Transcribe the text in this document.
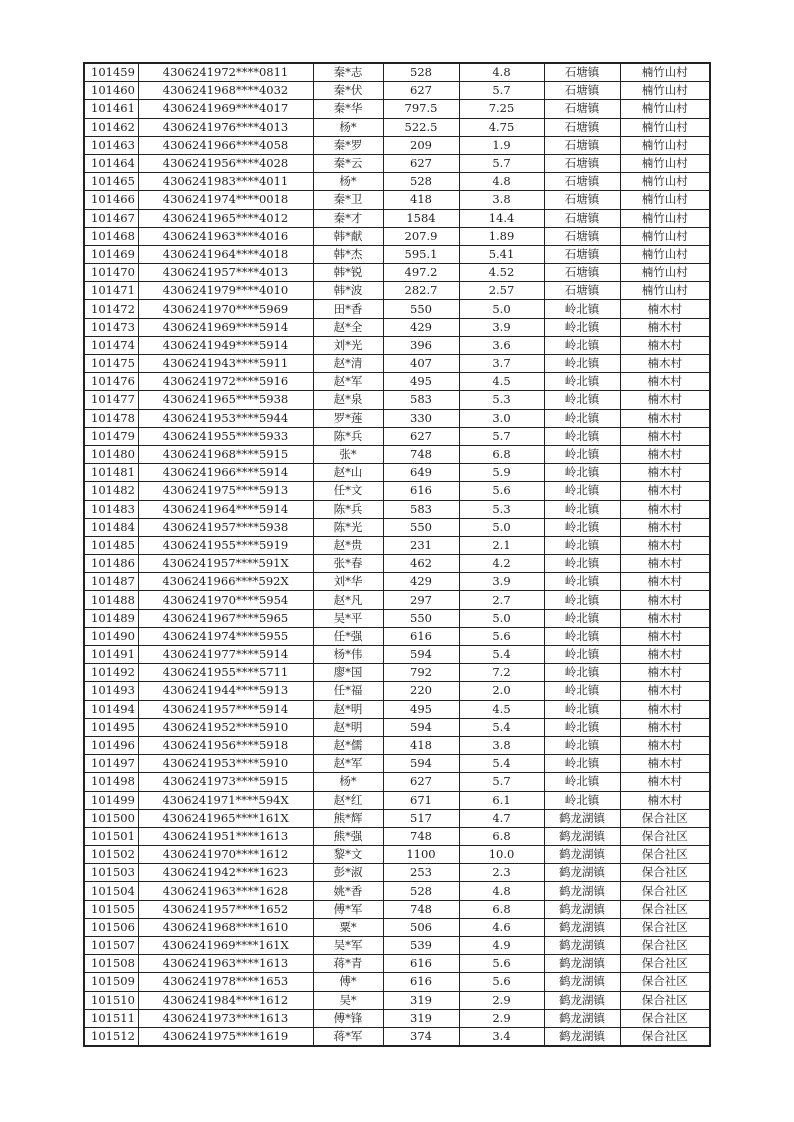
101459	4306241972****0811	秦*志	528	4.8	石塘镇	楠竹山村
101460	4306241968****4032	秦*伏	627	5.7	石塘镇	楠竹山村
101461	4306241969****4017	秦*华	797.5	7.25	石塘镇	楠竹山村
101462	4306241976****4013	杨*	522.5	4.75	石塘镇	楠竹山村
101463	4306241966****4058	秦*罗	209	1.9	石塘镇	楠竹山村
101464	4306241956****4028	秦*云	627	5.7	石塘镇	楠竹山村
101465	4306241983****4011	杨*	528	4.8	石塘镇	楠竹山村
101466	4306241974****0018	秦*卫	418	3.8	石塘镇	楠竹山村
101467	4306241965****4012	秦*才	1584	14.4	石塘镇	楠竹山村
101468	4306241963****4016	韩*献	207.9	1.89	石塘镇	楠竹山村
101469	4306241964****4018	韩*杰	595.1	5.41	石塘镇	楠竹山村
101470	4306241957****4013	韩*锐	497.2	4.52	石塘镇	楠竹山村
101471	4306241979****4010	韩*波	282.7	2.57	石塘镇	楠竹山村
101472	4306241970****5969	田*香	550	5.0	岭北镇	楠木村
101473	4306241969****5914	赵*全	429	3.9	岭北镇	楠木村
101474	4306241949****5914	刘*光	396	3.6	岭北镇	楠木村
101475	4306241943****5911	赵*清	407	3.7	岭北镇	楠木村
101476	4306241972****5916	赵*军	495	4.5	岭北镇	楠木村
101477	4306241965****5938	赵*泉	583	5.3	岭北镇	楠木村
101478	4306241953****5944	罗*莲	330	3.0	岭北镇	楠木村
101479	4306241955****5933	陈*兵	627	5.7	岭北镇	楠木村
101480	4306241968****5915	张*	748	6.8	岭北镇	楠木村
101481	4306241966****5914	赵*山	649	5.9	岭北镇	楠木村
101482	4306241975****5913	任*文	616	5.6	岭北镇	楠木村
101483	4306241964****5914	陈*兵	583	5.3	岭北镇	楠木村
101484	4306241957****5938	陈*光	550	5.0	岭北镇	楠木村
101485	4306241955****5919	赵*贵	231	2.1	岭北镇	楠木村
101486	4306241957****591X	张*春	462	4.2	岭北镇	楠木村
101487	4306241966****592X	刘*华	429	3.9	岭北镇	楠木村
101488	4306241970****5954	赵*凡	297	2.7	岭北镇	楠木村
101489	4306241967****5965	吴*平	550	5.0	岭北镇	楠木村
101490	4306241974****5955	任*强	616	5.6	岭北镇	楠木村
101491	4306241977****5914	杨*伟	594	5.4	岭北镇	楠木村
101492	4306241955****5711	廖*国	792	7.2	岭北镇	楠木村
101493	4306241944****5913	任*福	220	2.0	岭北镇	楠木村
101494	4306241957****5914	赵*明	495	4.5	岭北镇	楠木村
101495	4306241952****5910	赵*明	594	5.4	岭北镇	楠木村
101496	4306241956****5918	赵*儒	418	3.8	岭北镇	楠木村
101497	4306241953****5910	赵*军	594	5.4	岭北镇	楠木村
101498	4306241973****5915	杨*	627	5.7	岭北镇	楠木村
101499	4306241971****594X	赵*红	671	6.1	岭北镇	楠木村
101500	4306241965****161X	熊*辉	517	4.7	鹤龙湖镇	保合社区
101501	4306241951****1613	熊*强	748	6.8	鹤龙湖镇	保合社区
101502	4306241970****1612	黎*文	1100	10.0	鹤龙湖镇	保合社区
101503	4306241942****1623	彭*淑	253	2.3	鹤龙湖镇	保合社区
101504	4306241963****1628	姚*香	528	4.8	鹤龙湖镇	保合社区
101505	4306241957****1652	傅*军	748	6.8	鹤龙湖镇	保合社区
101506	4306241968****1610	粟*	506	4.6	鹤龙湖镇	保合社区
101507	4306241969****161X	吴*军	539	4.9	鹤龙湖镇	保合社区
101508	4306241963****1613	蒋*青	616	5.6	鹤龙湖镇	保合社区
101509	4306241978****1653	傅*	616	5.6	鹤龙湖镇	保合社区
101510	4306241984****1612	吴*	319	2.9	鹤龙湖镇	保合社区
101511	4306241973****1613	傅*锋	319	2.9	鹤龙湖镇	保合社区
101512	4306241975****1619	蒋*军	374	3.4	鹤龙湖镇	保合社区
